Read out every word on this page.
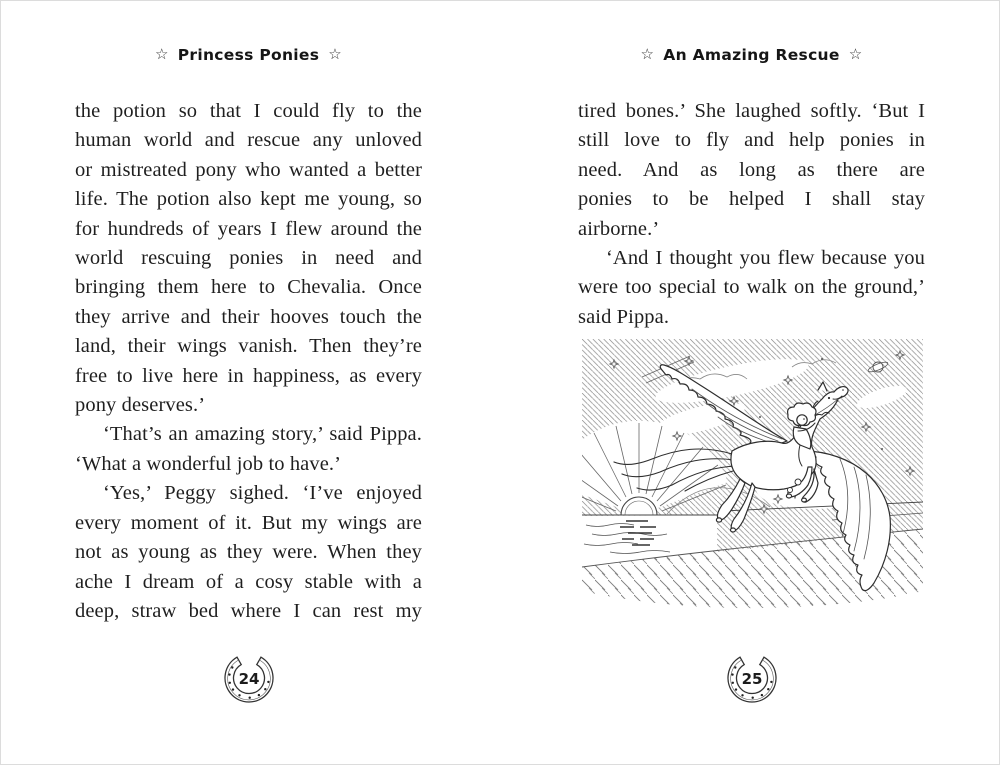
☆ Princess Ponies ☆
the potion so that I could fly to the
human world and rescue any unloved
or mistreated pony who wanted a better
life. The potion also kept me young, so
for hundreds of years I flew around the
world rescuing ponies in need and
bringing them here to Chevalia. Once
they arrive and their hooves touch the
land, their wings vanish. Then they’re
free to live here in happiness, as every
pony deserves.’
‘That’s an amazing story,’ said Pippa.
‘What a wonderful job to have.’
‘Yes,’ Peggy sighed. ‘I’ve enjoyed
every moment of it. But my wings are
not as young as they were. When they
ache I dream of a cosy stable with a
deep, straw bed where I can rest my
24
☆ An Amazing Rescue ☆
tired bones.’ She laughed softly. ‘But I
still love to fly and help ponies in
need. And as long as there are
ponies to be helped I shall stay
airborne.’
‘And I thought you flew because you
were too special to walk on the ground,’
said Pippa.
25
